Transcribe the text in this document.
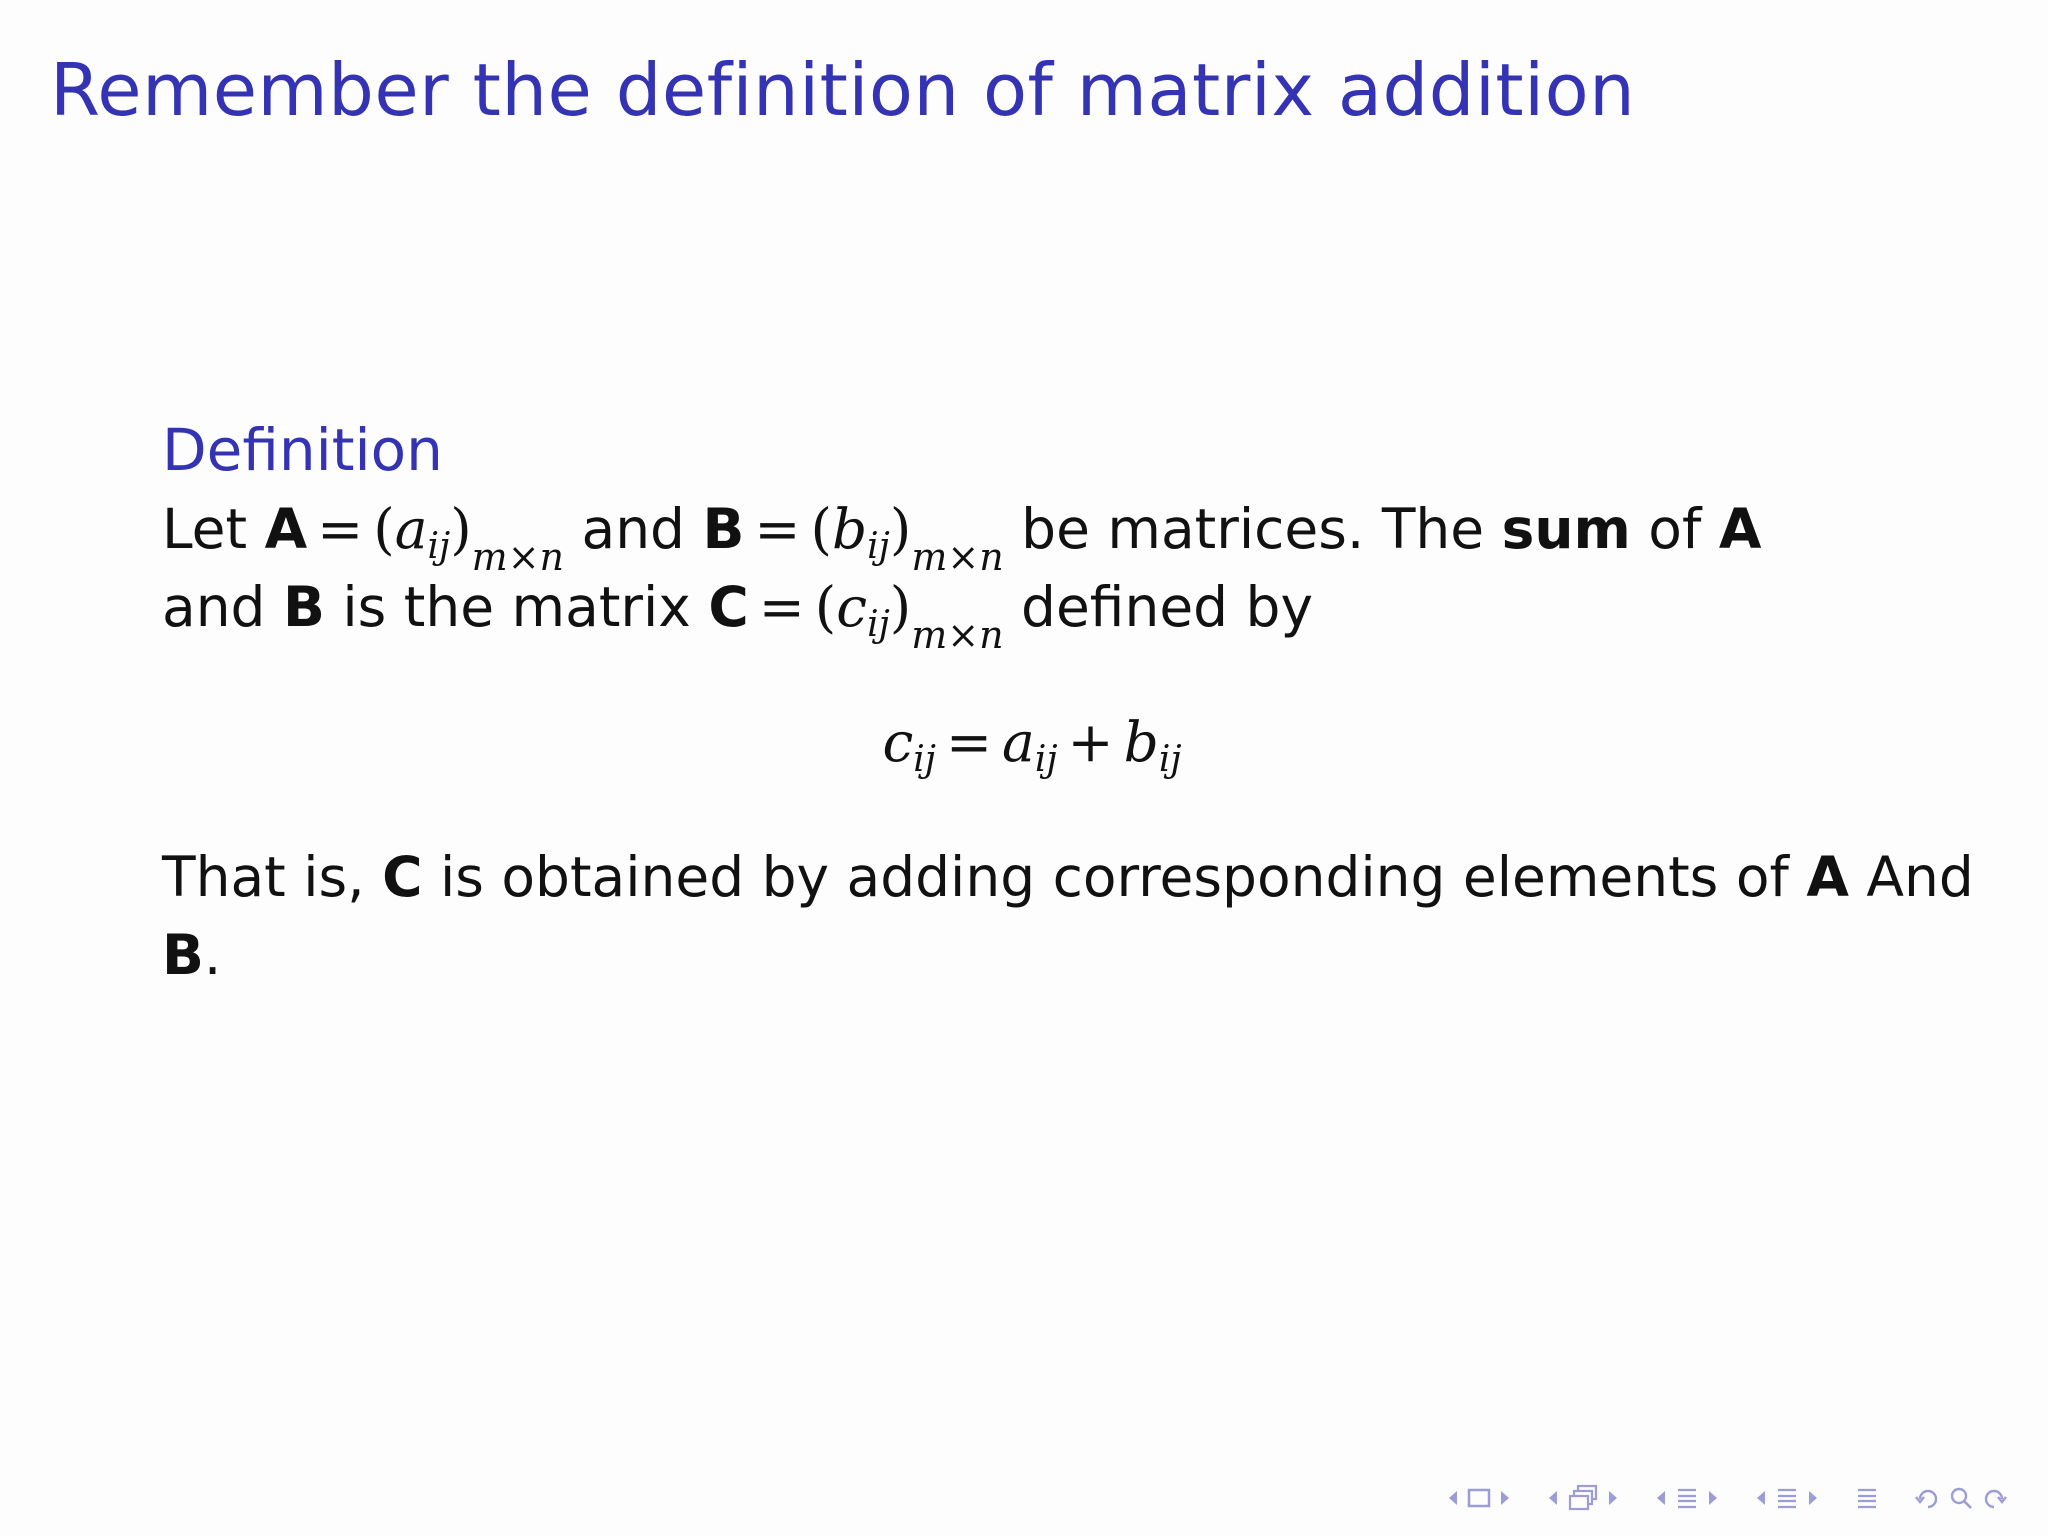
Remember the definition of matrix addition
Definition
Let $A = (a_{ij})_{m\times n}$ and $B = (b_{ij})_{m\times n}$ be matrices. The sum of A
and B is the matrix $C = (c_{ij})_{m\times n}$ defined by
$c_{ij} = a_{ij} + b_{ij}$
That is, C is obtained by adding corresponding elements of A And
B.
